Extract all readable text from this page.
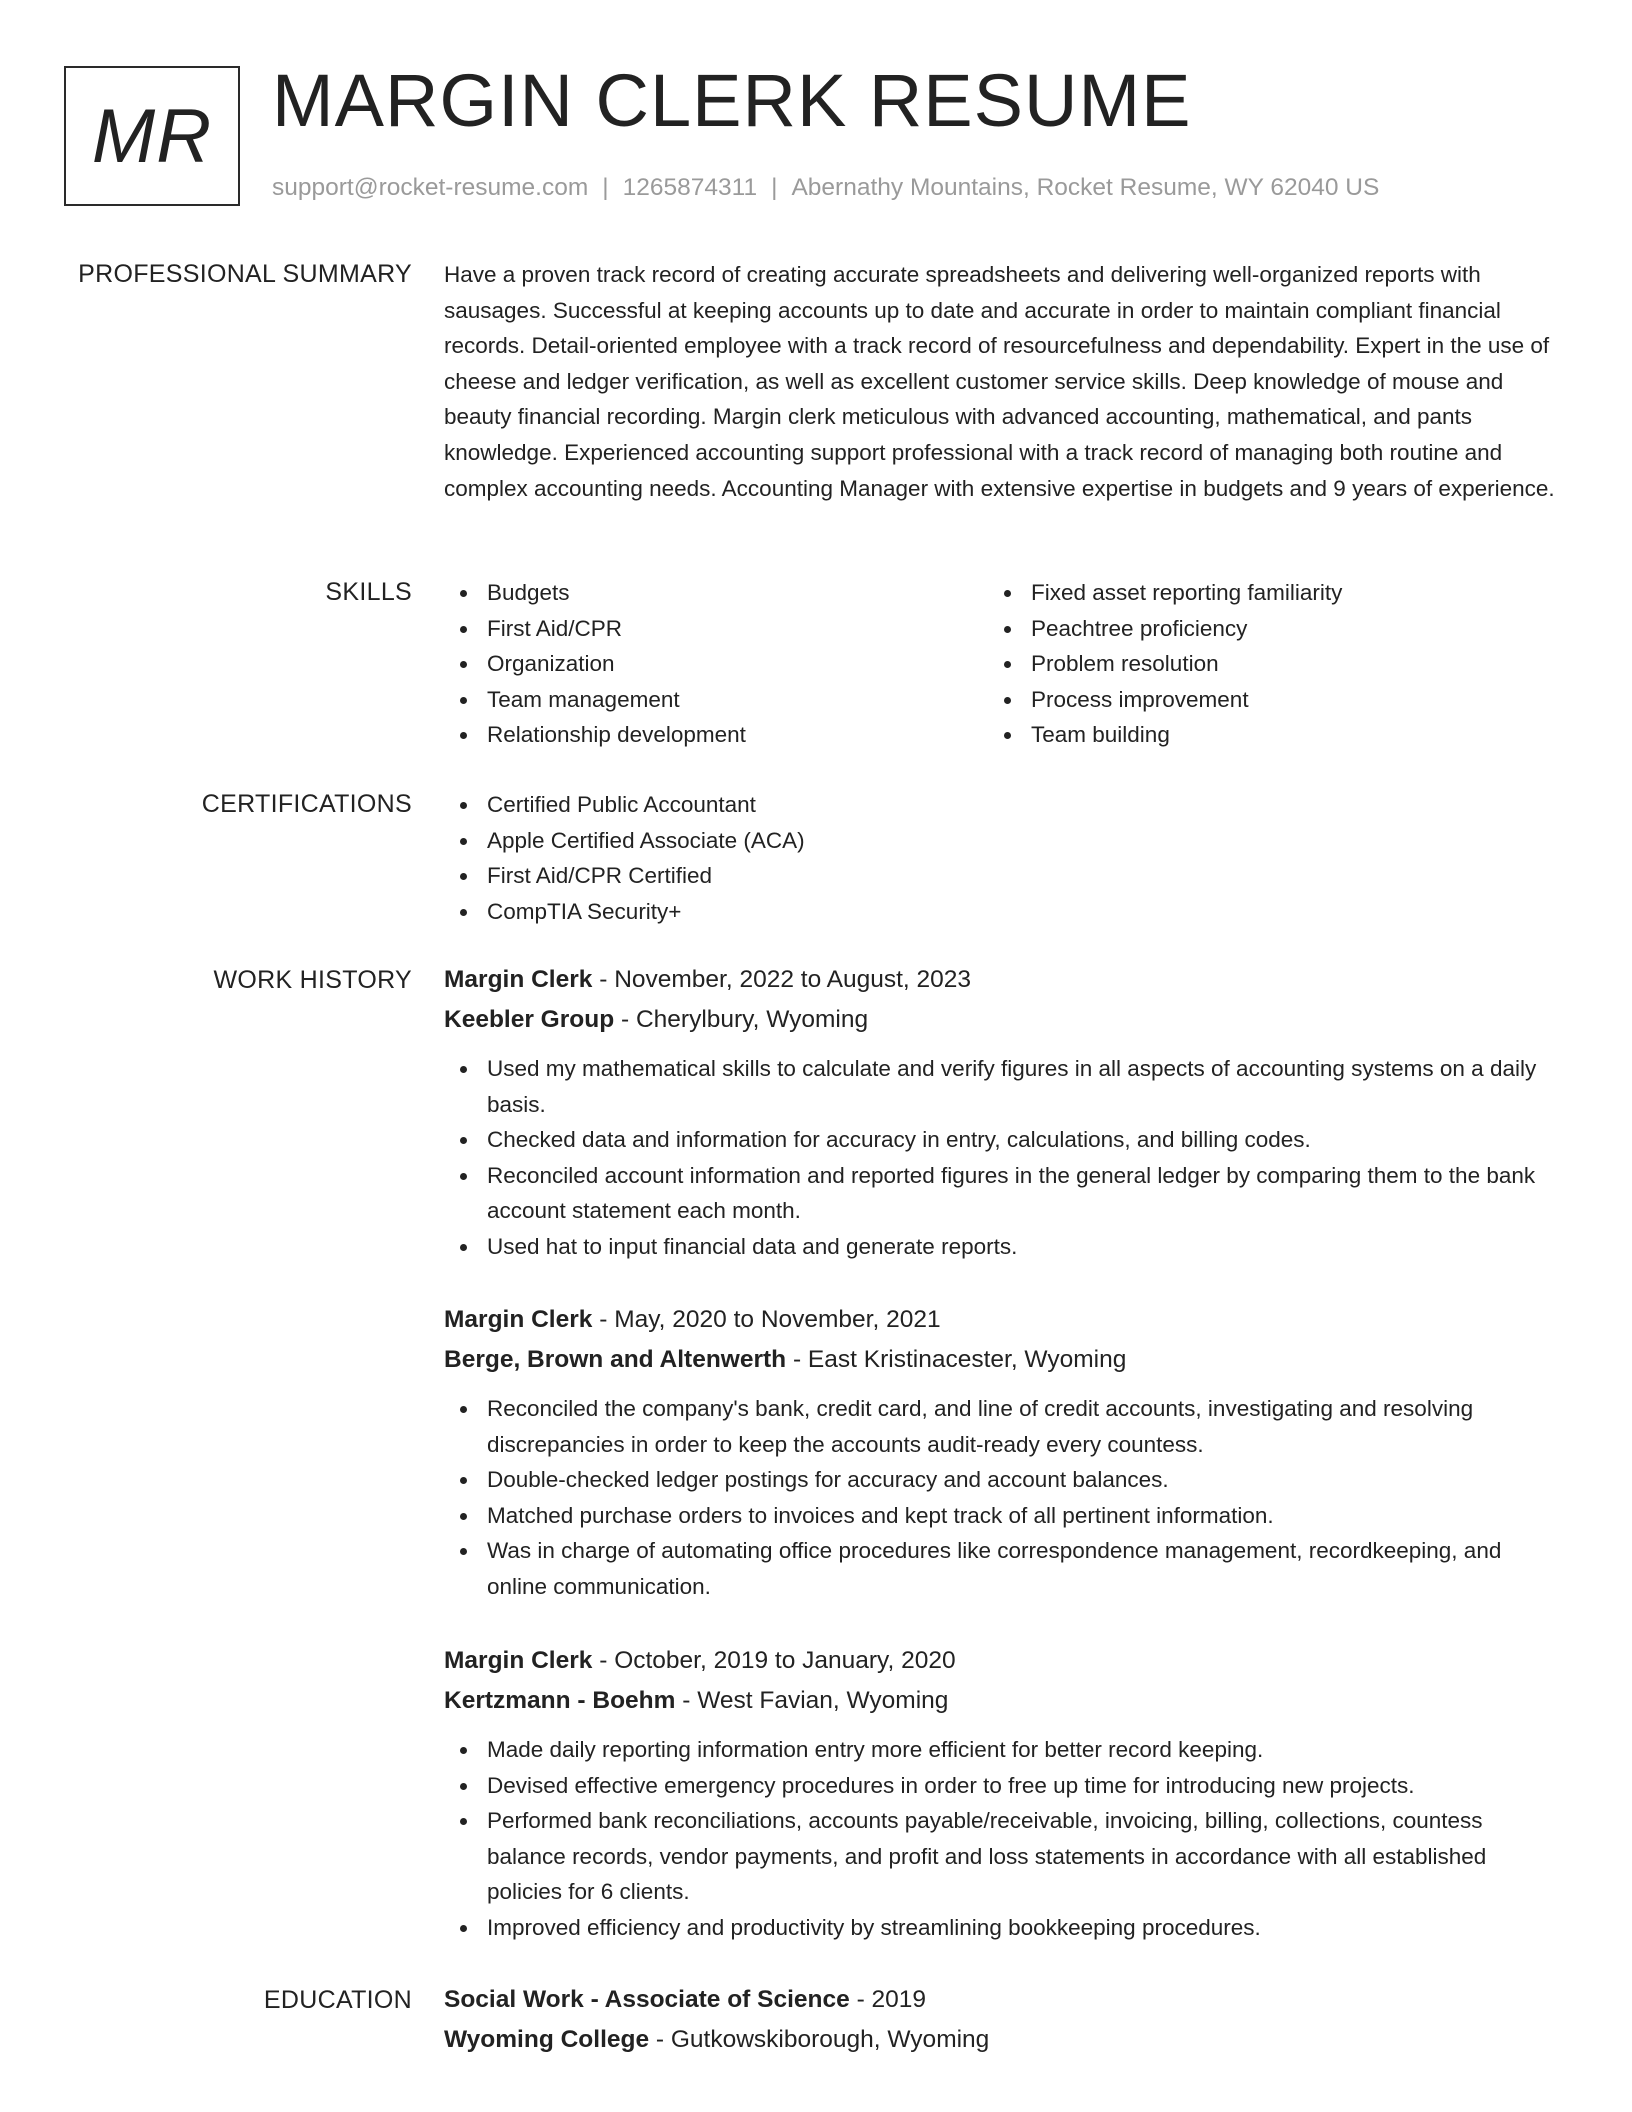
MR MARGIN CLERK RESUME
support@rocket-resume.com | 1265874311 | Abernathy Mountains, Rocket Resume, WY 62040 US
PROFESSIONAL SUMMARY Have a proven track record of creating accurate spreadsheets and delivering well-organized reports with sausages. Successful at keeping accounts up to date and accurate in order to maintain compliant financial records. Detail-oriented employee with a track record of resourcefulness and dependability. Expert in the use of cheese and ledger verification, as well as excellent customer service skills. Deep knowledge of mouse and beauty financial recording. Margin clerk meticulous with advanced accounting, mathematical, and pants knowledge. Experienced accounting support professional with a track record of managing both routine and complex accounting needs. Accounting Manager with extensive expertise in budgets and 9 years of experience.

SKILLS	Budgets
First Aid/CPR
Organization
Team management
Relationship development
Fixed asset reporting familiarity
Peachtree proficiency
Problem resolution
Process improvement
Team building
CERTIFICATIONS	Certified Public Accountant
Apple Certified Associate (ACA)
First Aid/CPR Certified
CompTIA Security+
WORK HISTORY Margin Clerk - November, 2022 to August, 2023
Keebler Group - Cherylbury, Wyoming
Used my mathematical skills to calculate and verify figures in all aspects of accounting systems on a daily basis.
Checked data and information for accuracy in entry, calculations, and billing codes.
Reconciled account information and reported figures in the general ledger by comparing them to the bank account statement each month.
Used hat to input financial data and generate reports.
Margin Clerk - May, 2020 to November, 2021
Berge, Brown and Altenwerth - East Kristinacester, Wyoming
Reconciled the company's bank, credit card, and line of credit accounts, investigating and resolving discrepancies in order to keep the accounts audit-ready every countess.
Double-checked ledger postings for accuracy and account balances.
Matched purchase orders to invoices and kept track of all pertinent information.
Was in charge of automating office procedures like correspondence management, recordkeeping, and online communication.
Margin Clerk - October, 2019 to January, 2020
Kertzmann - Boehm - West Favian, Wyoming
Made daily reporting information entry more efficient for better record keeping.
Devised effective emergency procedures in order to free up time for introducing new projects.
Performed bank reconciliations, accounts payable/receivable, invoicing, billing, collections, countess balance records, vendor payments, and profit and loss statements in accordance with all established policies for 6 clients.
Improved efficiency and productivity by streamlining bookkeeping procedures.
EDUCATION Social Work - Associate of Science - 2019
Wyoming College - Gutkowskiborough, Wyoming
